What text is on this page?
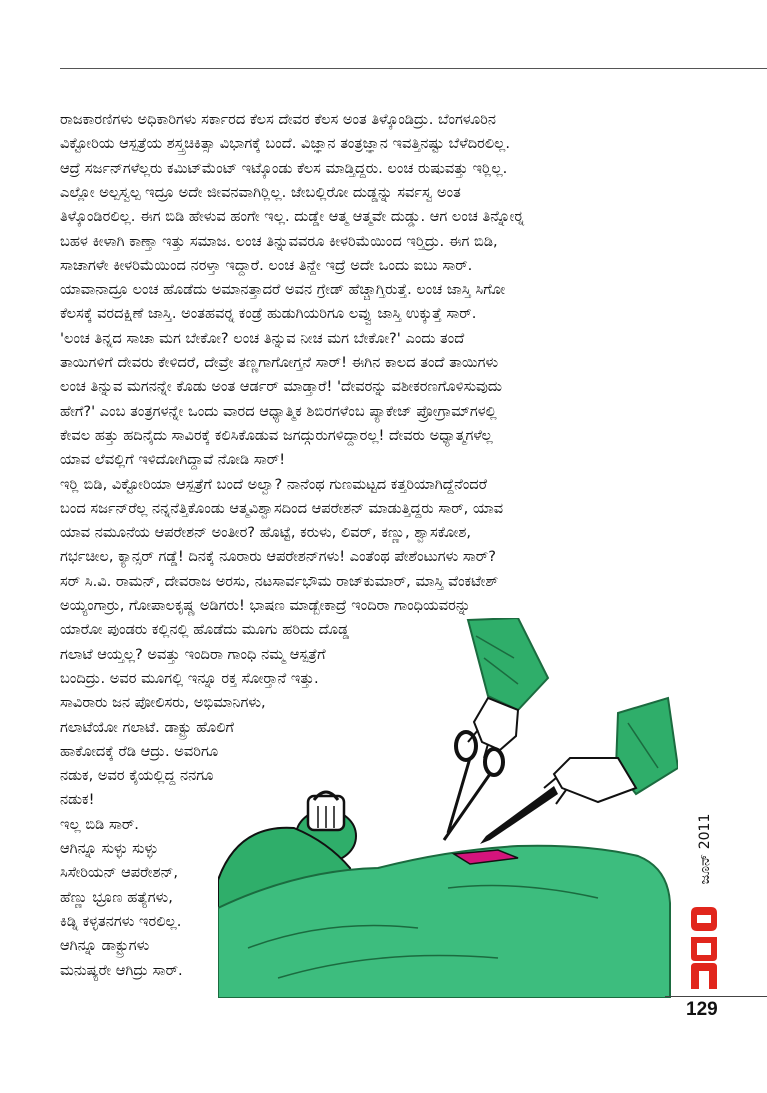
ರಾಜಕಾರಣಿಗಳು ಅಧಿಕಾರಿಗಳು ಸರ್ಕಾರದ ಕೆಲಸ ದೇವರ ಕೆಲಸ ಅಂತ ತಿಳ್ಕೊಂಡಿದ್ರು. ಬೆಂಗಳೂರಿನ
ವಿಕ್ಟೋರಿಯ ಆಸ್ಪತ್ರೆಯ ಶಸ್ತ್ರಚಿಕಿತ್ಸಾ ವಿಭಾಗಕ್ಕೆ ಬಂದೆ. ವಿಜ್ಞಾನ ತಂತ್ರಜ್ಞಾನ ಇವತ್ತಿನಷ್ಟು ಬೆಳೆದಿರಲಿಲ್ಲ.
ಆದ್ರೆ ಸರ್ಜನ್‌ಗಳೆಲ್ಲರು ಕಮಿಟ್‌ಮೆಂಟ್ ಇಟ್ಕೊಂಡು ಕೆಲಸ ಮಾಡ್ತಿದ್ದರು. ಲಂಚ ರುಷುವತ್ತು ಇರ್‍ಲಿಲ್ಲ.
ಎಲ್ಲೋ ಅಲ್ಪಸ್ವಲ್ಪ ಇದ್ರೂ ಅದೇ ಜೀವನವಾಗಿರ್‍ಲಿಲ್ಲ. ಜೇಬಲ್ಲಿರೋ ದುಡ್ಡನ್ನು ಸರ್ವಸ್ವ ಅಂತ
ತಿಳ್ಕೊಂಡಿರಲಿಲ್ಲ. ಈಗ ಬಿಡಿ ಹೇಳುವ ಹಂಗೇ ಇಲ್ಲ. ದುಡ್ಡೇ ಆತ್ಮ ಆತ್ಮವೇ ದುಡ್ಡು. ಆಗ ಲಂಚ ತಿನ್ನೋರ್‍ನ
ಬಹಳ ಕೀಳಾಗಿ ಕಾಣ್ತಾ ಇತ್ತು ಸಮಾಜ. ಲಂಚ ತಿನ್ನುವವರೂ ಕೀಳರಿಮೆಯಿಂದ ಇರ್‍ತಿದ್ರು. ಈಗ ಬಿಡಿ,
ಸಾಚಾಗಳೇ ಕೀಳರಿಮೆಯಿಂದ ನರಳ್ತಾ ಇದ್ದಾರೆ. ಲಂಚ ತಿನ್ದೇ ಇದ್ರೆ ಅದೇ ಒಂದು ಐಬು ಸಾರ್.
ಯಾವಾನಾದ್ರೂ ಲಂಚ ಹೊಡೆದು ಅಮಾನತ್ತಾದರೆ ಅವನ ಗ್ರೇಡ್ ಹೆಚ್ಚಾಗ್ತಿರುತ್ತೆ. ಲಂಚ ಜಾಸ್ತಿ ಸಿಗೋ
ಕೆಲಸಕ್ಕೆ ವರದಕ್ಷಿಣೆ ಜಾಸ್ತಿ. ಅಂತಹವರ್‍ನ ಕಂಡ್ರೆ ಹುಡುಗಿಯರಿಗೂ ಲವ್ವು ಜಾಸ್ತಿ ಉಕ್ಕುತ್ತೆ ಸಾರ್.
'ಲಂಚ ತಿನ್ನದ ಸಾಚಾ ಮಗ ಬೇಕೋ? ಲಂಚ ತಿನ್ನುವ ನೀಚ ಮಗ ಬೇಕೋ?' ಎಂದು ತಂದೆ
ತಾಯಿಗಳಿಗೆ ದೇವರು ಕೇಳಿದರೆ, ದೇವ್ರೇ ತಣ್ಣಗಾಗೋಗ್ತನೆ ಸಾರ್! ಈಗಿನ ಕಾಲದ ತಂದೆ ತಾಯಿಗಳು
ಲಂಚ ತಿನ್ನುವ ಮಗನನ್ನೇ ಕೊಡು ಅಂತ ಆರ್ಡರ್ ಮಾಡ್ತಾರೆ! 'ದೇವರನ್ನು ವಶೀಕರಣಗೊಳಿಸುವುದು
ಹೇಗೆ?' ಎಂಬ ತಂತ್ರಗಳನ್ನೇ ಒಂದು ವಾರದ ಆಧ್ಯಾತ್ಮಿಕ ಶಿಬಿರಗಳೆಂಬ ಪ್ಯಾಕೇಜ್ ಪ್ರೋಗ್ರಾಮ್‌ಗಳಲ್ಲಿ
ಕೇವಲ ಹತ್ತು ಹದಿನೈದು ಸಾವಿರಕ್ಕೆ ಕಲಿಸಿಕೊಡುವ ಜಗದ್ಗುರುಗಳಿದ್ದಾರಲ್ಲ! ದೇವರು ಅಧ್ಯಾತ್ಮಗಳೆಲ್ಲ
ಯಾವ ಲೆವಲ್ಲಿಗೆ ಇಳಿದೋಗಿದ್ದಾವೆ ನೋಡಿ ಸಾರ್!
ಇರ್‍ಲಿ ಬಿಡಿ, ವಿಕ್ಟೋರಿಯಾ ಆಸ್ಪತ್ರೆಗೆ ಬಂದೆ ಅಲ್ವಾ? ನಾನೆಂಥ ಗುಣಮಟ್ಟದ ಕತ್ತರಿಯಾಗಿದ್ದೆನೆಂದರೆ
ಬಂದ ಸರ್ಜನ್‌ರೆಲ್ಲ ನನ್ನನೆತ್ತಿಕೊಂಡು ಆತ್ಮವಿಶ್ವಾಸದಿಂದ ಆಪರೇಶನ್ ಮಾಡುತ್ತಿದ್ದರು ಸಾರ್, ಯಾವ
ಯಾವ ನಮೂನೆಯ ಆಪರೇಶನ್ ಅಂತೀರ? ಹೊಟ್ಟೆ, ಕರುಳು, ಲಿವರ್, ಕಣ್ಣು, ಶ್ವಾಸಕೋಶ,
ಗರ್ಭಚೀಲ, ಕ್ಯಾನ್ಸರ್ ಗಡ್ಡೆ! ದಿನಕ್ಕೆ ನೂರಾರು ಆಪರೇಶನ್‌ಗಳು! ಎಂತೆಂಥ ಪೇಶೆಂಟುಗಳು ಸಾರ್?
ಸರ್ ಸಿ.ವಿ. ರಾಮನ್, ದೇವರಾಜ ಅರಸು, ನಟಸಾರ್ವಭೌಮ ರಾಜ್‌ಕುಮಾರ್, ಮಾಸ್ತಿ ವೆಂಕಟೇಶ್
ಅಯ್ಯಂಗಾರ್‍ರು, ಗೋಪಾಲಕೃಷ್ಣ ಅಡಿಗರು! ಭಾಷಣ ಮಾಡ್ಬೇಕಾದ್ರೆ ಇಂದಿರಾ ಗಾಂಧಿಯವರನ್ನು
ಯಾರೋ ಪುಂಡರು ಕಲ್ಲಿನಲ್ಲಿ ಹೊಡೆದು ಮೂಗು ಹರಿದು ದೊಡ್ಡ
ಗಲಾಟೆ ಆಯ್ತಲ್ಲ? ಅವತ್ತು ಇಂದಿರಾ ಗಾಂಧಿ ನಮ್ಮ ಆಸ್ಪತ್ರೆಗೆ
ಬಂದಿದ್ರು. ಅವರ ಮೂಗಲ್ಲಿ ಇನ್ನೂ ರಕ್ತ ಸೋರ್‍ತಾನೆ ಇತ್ತು.
ಸಾವಿರಾರು ಜನ ಪೋಲಿಸರು, ಅಭಿಮಾನಿಗಳು,
ಗಲಾಟೆಯೋ ಗಲಾಟೆ. ಡಾಕ್ಟ್ರು ಹೊಲಿಗೆ
ಹಾಕೋದಕ್ಕೆ ರೆಡಿ ಆದ್ರು. ಅವರಿಗೂ
ನಡುಕ, ಅವರ ಕೈಯಲ್ಲಿದ್ದ ನನಗೂ
ನಡುಕ!
ಇಲ್ಲ ಬಿಡಿ ಸಾರ್.
ಆಗಿನ್ನೂ ಸುಳ್ಳು ಸುಳ್ಳು
ಸಿಸೇರಿಯನ್ ಆಪರೇಶನ್,
ಹೆಣ್ಣು ಭ್ರೂಣ ಹತ್ಯೆಗಳು,
ಕಿಡ್ನಿ ಕಳ್ಳತನಗಳು ಇರಲಿಲ್ಲ.
ಆಗಿನ್ನೂ ಡಾಕ್ಟ್ರುಗಳು
ಮನುಷ್ಯರೇ ಆಗಿದ್ರು ಸಾರ್.
ಜೂನ್ 2011
129
